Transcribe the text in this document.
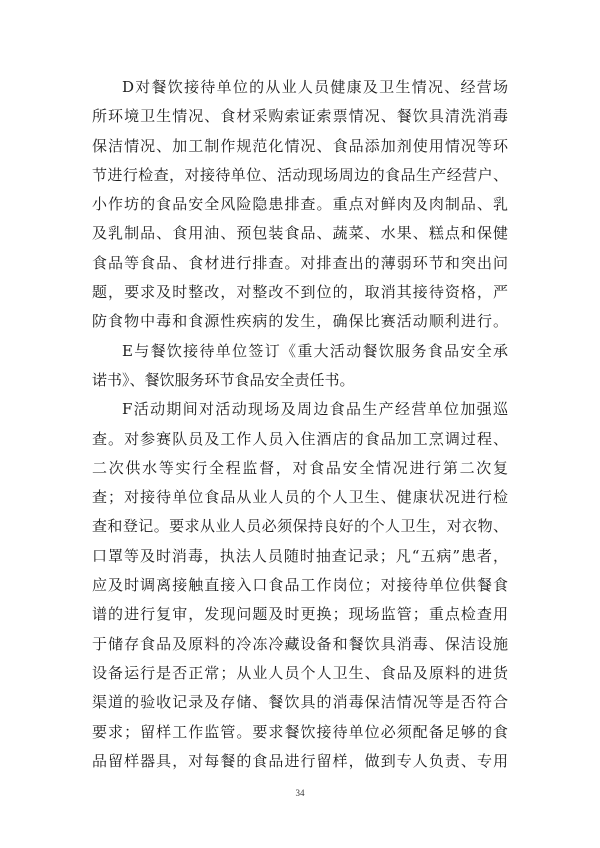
D对餐饮接待单位的从业人员健康及卫生情况、经营场
所环境卫生情况、食材采购索证索票情况、餐饮具清洗消毒
保洁情况、加工制作规范化情况、食品添加剂使用情况等环
节进行检查，对接待单位、活动现场周边的食品生产经营户、
小作坊的食品安全风险隐患排查。重点对鲜肉及肉制品、乳
及乳制品、食用油、预包装食品、蔬菜、水果、糕点和保健
食品等食品、食材进行排查。对排查出的薄弱环节和突出问
题，要求及时整改，对整改不到位的，取消其接待资格，严
防食物中毒和食源性疾病的发生，确保比赛活动顺利进行。
E与餐饮接待单位签订《重大活动餐饮服务食品安全承
诺书》、餐饮服务环节食品安全责任书。
F活动期间对活动现场及周边食品生产经营单位加强巡
查。对参赛队员及工作人员入住酒店的食品加工烹调过程、
二次供水等实行全程监督，对食品安全情况进行第二次复
查；对接待单位食品从业人员的个人卫生、健康状况进行检
查和登记。要求从业人员必须保持良好的个人卫生，对衣物、
口罩等及时消毒，执法人员随时抽查记录；凡“五病”患者，
应及时调离接触直接入口食品工作岗位；对接待单位供餐食
谱的进行复审，发现问题及时更换；现场监管；重点检查用
于储存食品及原料的冷冻冷藏设备和餐饮具消毒、保洁设施
设备运行是否正常；从业人员个人卫生、食品及原料的进货
渠道的验收记录及存储、餐饮具的消毒保洁情况等是否符合
要求；留样工作监管。要求餐饮接待单位必须配备足够的食
品留样器具，对每餐的食品进行留样，做到专人负责、专用
34
